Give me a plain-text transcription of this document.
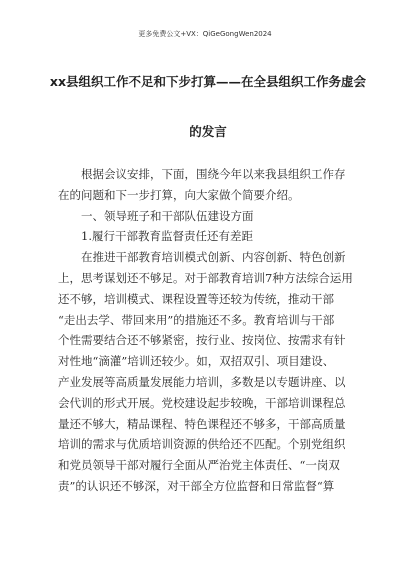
更多免费公文+VX：QiGeGongWen2024
xx县组织工作不足和下步打算——在全县组织工作务虚会
的发言
根据会议安排，下面，围绕今年以来我县组织工作存
在的问题和下一步打算，向大家做个简要介绍。
一、领导班子和干部队伍建设方面
1.履行干部教育监督责任还有差距
在推进干部教育培训模式创新、内容创新、特色创新
上，思考谋划还不够足。对于部教育培训7种方法综合运用
还不够，培训模式、课程设置等还较为传统，推动干部
“走出去学、带回来用”的措施还不多。教育培训与干部
个性需要结合还不够紧密，按行业、按岗位、按需求有针
对性地“滴灌”培训还较少。如，双招双引、项目建设、
产业发展等高质量发展能力培训，多数是以专题讲座、以
会代训的形式开展。党校建设起步较晚，干部培训课程总
量还不够大，精品课程、特色课程还不够多，干部高质量
培训的需求与优质培训资源的供给还不匹配。个别党组织
和党员领导干部对履行全面从严治党主体责任、“一岗双
责”的认识还不够深，对干部全方位监督和日常监督“算
